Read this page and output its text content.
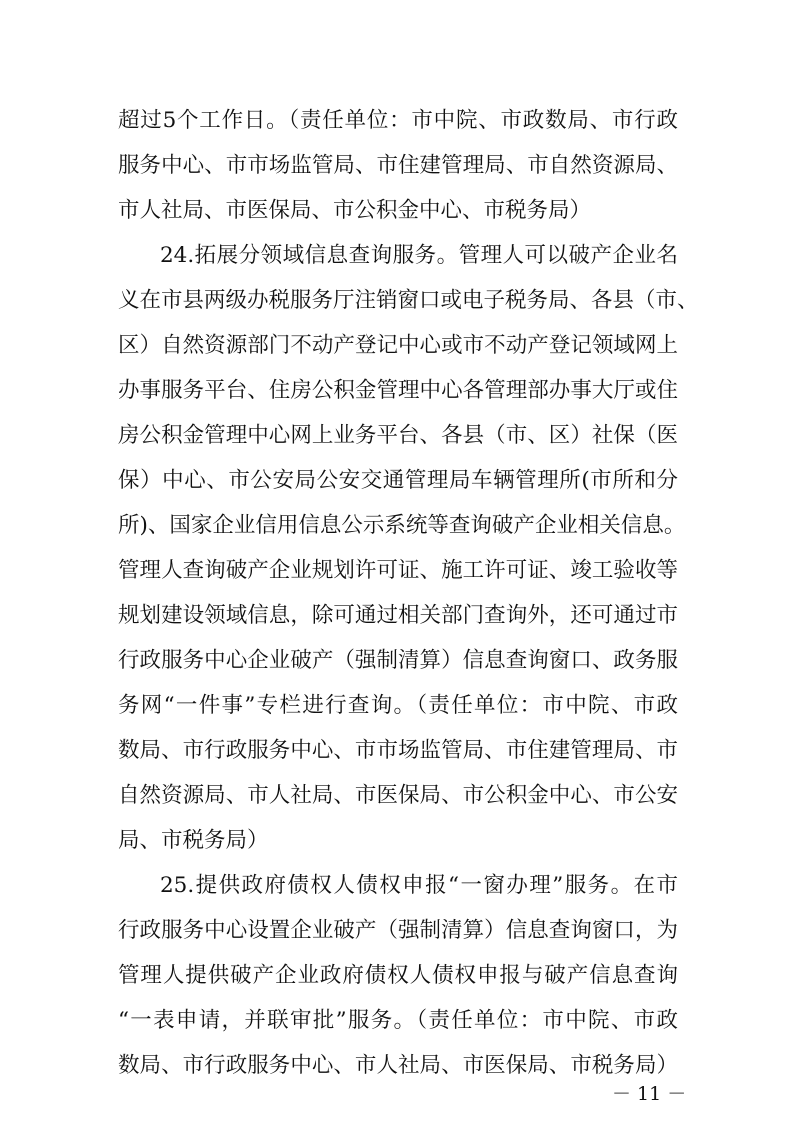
超过5个工作日。（责任单位：市中院、市政数局、市行政
服务中心、市市场监管局、市住建管理局、市自然资源局、
市人社局、市医保局、市公积金中心、市税务局）
24.拓展分领域信息查询服务。管理人可以破产企业名
义在市县两级办税服务厅注销窗口或电子税务局、各县（市、
区）自然资源部门不动产登记中心或市不动产登记领域网上
办事服务平台、住房公积金管理中心各管理部办事大厅或住
房公积金管理中心网上业务平台、各县（市、区）社保（医
保）中心、市公安局公安交通管理局车辆管理所(市所和分
所)、国家企业信用信息公示系统等查询破产企业相关信息。
管理人查询破产企业规划许可证、施工许可证、竣工验收等
规划建设领域信息，除可通过相关部门查询外，还可通过市
行政服务中心企业破产（强制清算）信息查询窗口、政务服
务网“一件事”专栏进行查询。（责任单位：市中院、市政
数局、市行政服务中心、市市场监管局、市住建管理局、市
自然资源局、市人社局、市医保局、市公积金中心、市公安
局、市税务局）
25.提供政府债权人债权申报“一窗办理”服务。在市
行政服务中心设置企业破产（强制清算）信息查询窗口，为
管理人提供破产企业政府债权人债权申报与破产信息查询
“一表申请，并联审批”服务。（责任单位：市中院、市政
数局、市行政服务中心、市人社局、市医保局、市税务局）
－ 11 －
